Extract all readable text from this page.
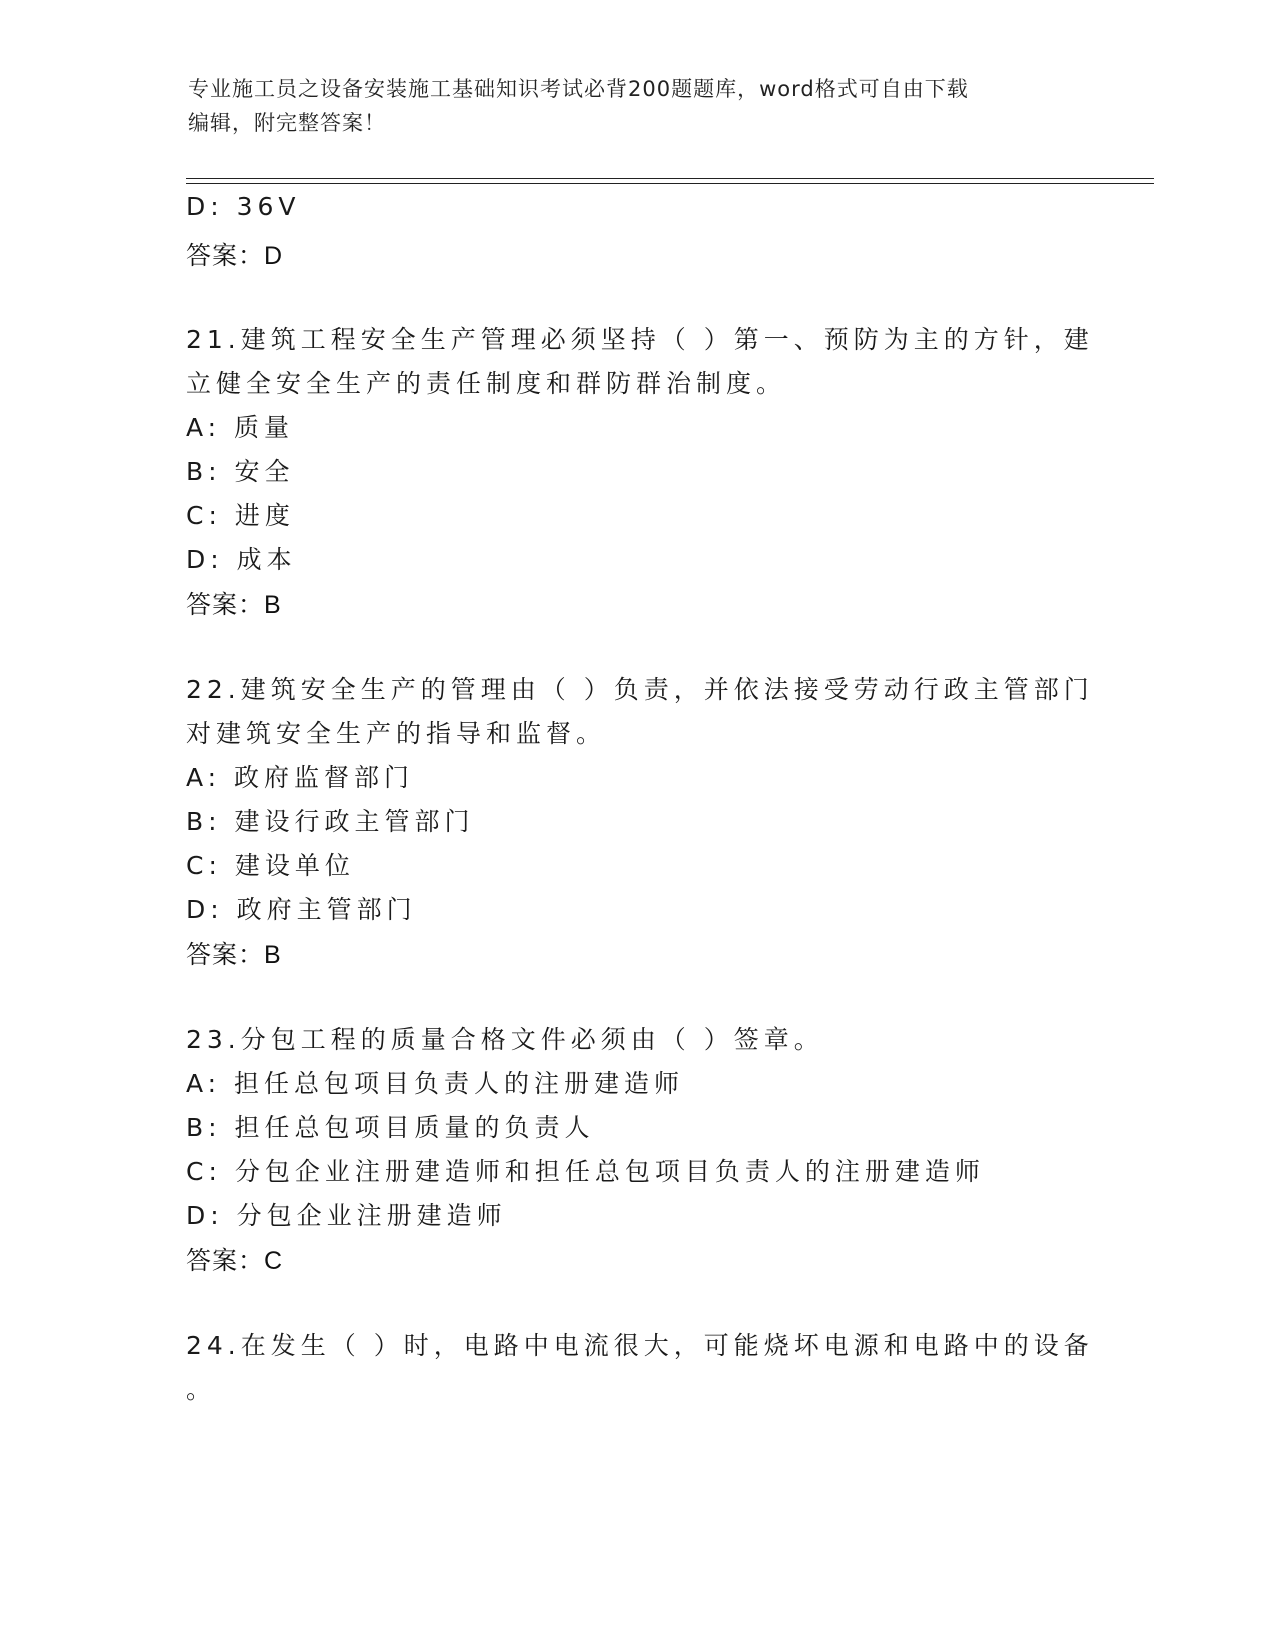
专业施工员之设备安装施工基础知识考试必背200题题库，word格式可自由下载
编辑，附完整答案！
D: 36V
答案：D
21.建筑工程安全生产管理必须坚持（ ）第一、预防为主的方针，建
立健全安全生产的责任制度和群防群治制度。
A: 质量
B: 安全
C: 进度
D: 成本
答案：B
22.建筑安全生产的管理由（ ）负责，并依法接受劳动行政主管部门
对建筑安全生产的指导和监督。
A: 政府监督部门
B: 建设行政主管部门
C: 建设单位
D: 政府主管部门
答案：B
23.分包工程的质量合格文件必须由（ ）签章。
A: 担任总包项目负责人的注册建造师
B: 担任总包项目质量的负责人
C: 分包企业注册建造师和担任总包项目负责人的注册建造师
D: 分包企业注册建造师
答案：C
24.在发生（ ）时，电路中电流很大，可能烧坏电源和电路中的设备
。
